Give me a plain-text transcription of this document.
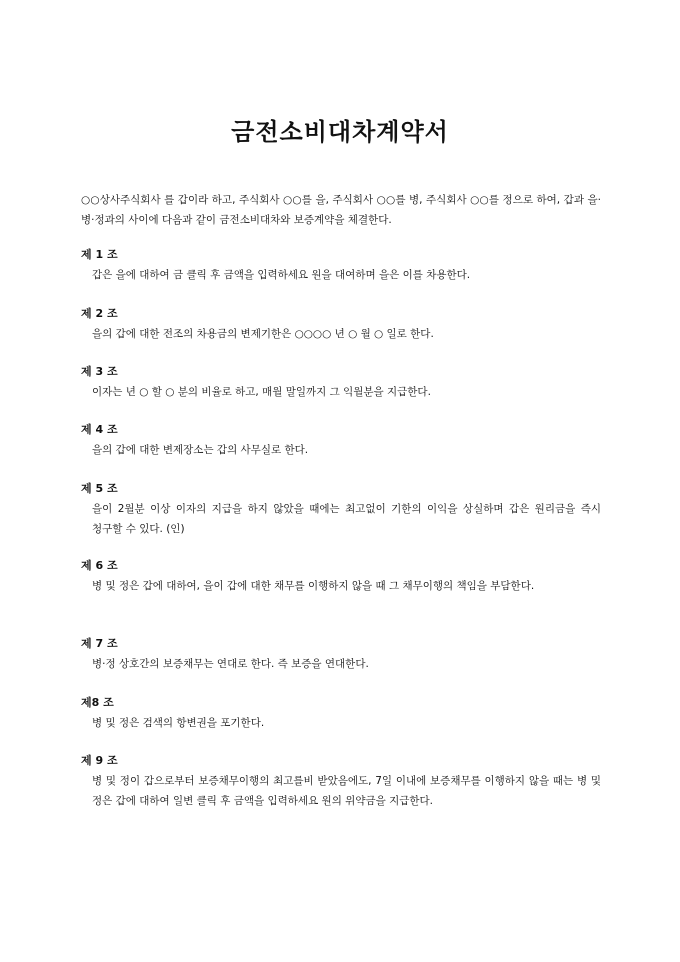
금전소비대차계약서

○○상사주식회사 를 갑이라 하고, 주식회사 ○○를 을, 주식회사 ○○를 병, 주식회사 ○○를 정으로 하여, 갑과 을·병·정과의 사이에 다음과 같이 금전소비대차와 보증계약을 체결한다.

제 1 조
갑은 을에 대하여 금 클릭 후 금액을 입력하세요 원을 대여하며 을은 이를 차용한다.
제 2 조
을의 갑에 대한 전조의 차용금의 변제기한은 ○○○○ 년 ○ 월 ○ 일로 한다.
제 3 조
이자는 년 ○ 할 ○ 분의 비율로 하고, 매월 말일까지 그 익월분을 지급한다.
제 4 조
을의 갑에 대한 변제장소는 갑의 사무실로 한다.
제 5 조
을이 2월분 이상 이자의 지급을 하지 않았을 때에는 최고없이 기한의 이익을 상실하며 갑은 원리금을 즉시 청구할 수 있다. (인)
제 6 조
병 및 정은 갑에 대하여, 을이 갑에 대한 채무를 이행하지 않을 때 그 채무이행의 책임을 부담한다.
제 7 조
병·정 상호간의 보증채무는 연대로 한다. 즉 보증을 연대한다.
제8 조
병 및 정은 검색의 항변권을 포기한다.
제 9 조
병 및 정이 갑으로부터 보증채무이행의 최고를비 받았음에도, 7일 이내에 보증채무를 이행하지 않을 때는 병 및 정은 갑에 대하여 일변 클릭 후 금액을 입력하세요 원의 위약금을 지급한다.
